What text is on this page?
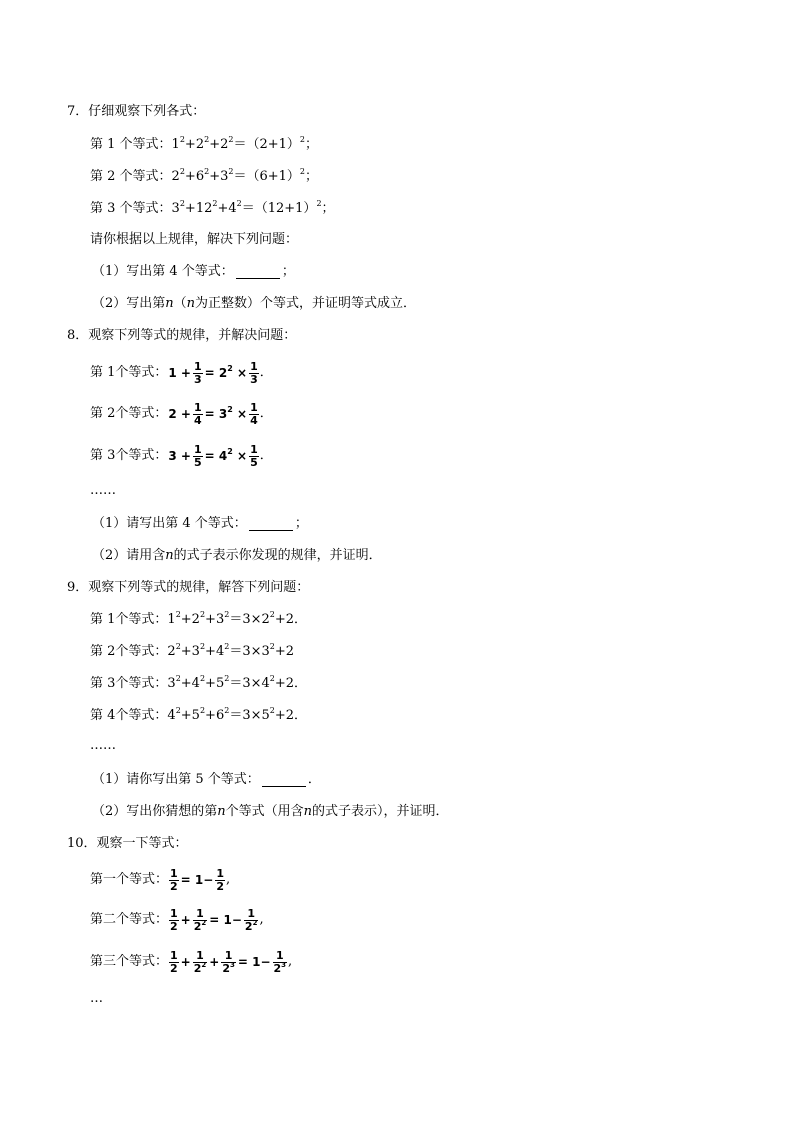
7．仔细观察下列各式：
第 1 个等式： $1^2+2^2+2^2=(2+1)^2$；
第 2 个等式： $2^2+6^2+3^2=(6+1)^2$；
第 3 个等式： $3^2+12^2+4^2=(12+1)^2$；
请你根据以上规律，解决下列问题：
（1）写出第 4 个等式：	；
（2）写出第 n （ n 为正整数）个等式，并证明等式成立．
8．观察下列等式的规律，并解决问题：
第 1个等式： $1 + \frac{1}{3} = 2^2 \times \frac{1}{3}$ ．
第 2个等式： $2 + \frac{1}{4} = 3^2 \times \frac{1}{4}$ ．
第 3个等式： $3 + \frac{1}{5} = 4^2 \times \frac{1}{5}$ ．
……
（1）请写出第 4 个等式：	；
（2）请用含 n 的式子表示你发现的规律，并证明．
9．观察下列等式的规律，解答下列问题：
第 1个等式： $1^2+2^2+3^2=3\times 2^2+2$．
第 2个等式： $2^2+3^2+4^2=3\times 3^2+2$
第 3个等式： $3^2+4^2+5^2=3\times 4^2+2$．
第 4个等式： $4^2+5^2+6^2=3\times 5^2+2$．
……
（1）请你写出第 5 个等式：	．
（2）写出你猜想的第 n 个等式（用含 n 的式子表示），并证明．
10．观察一下等式：
第一个等式： $\frac{1}{2} = 1- \frac{1}{2}$ ,
第二个等式： $\frac{1}{2} + \frac{1}{2^2} = 1- \frac{1}{2^2}$ ,
第三个等式： $\frac{1}{2} + \frac{1}{2^2} + \frac{1}{2^3} = 1- \frac{1}{2^3}$ ,
…
